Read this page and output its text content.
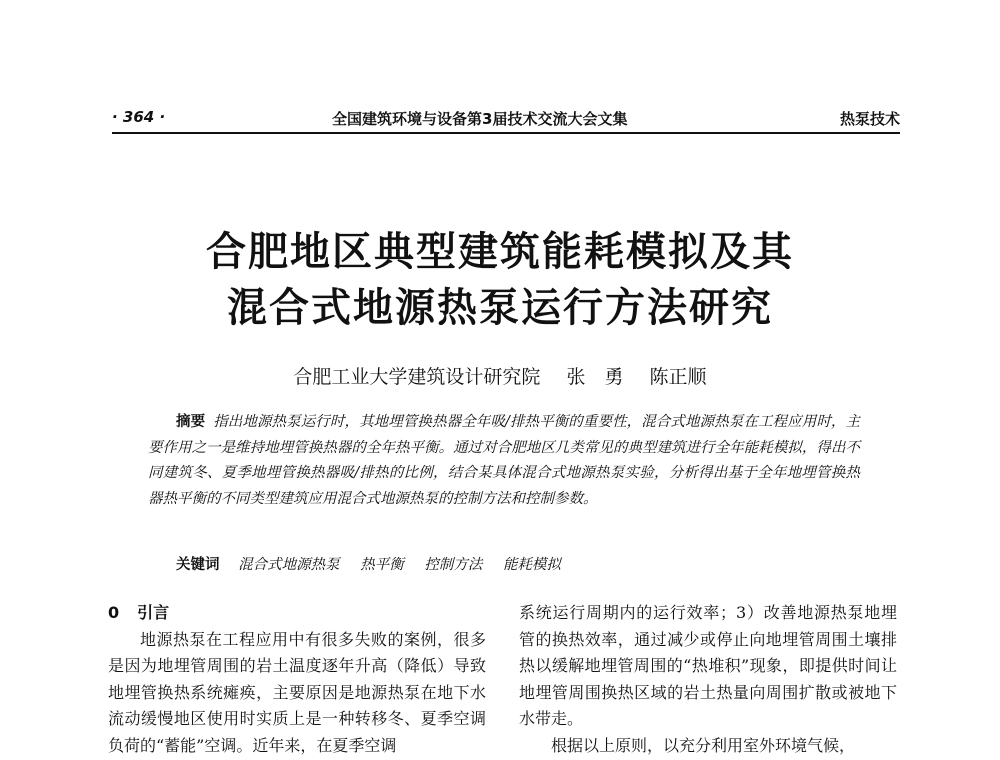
· 364 ·	全国建筑环境与设备第3届技术交流大会文集	热泵技术
合肥地区典型建筑能耗模拟及其
混合式地源热泵运行方法研究
合肥工业大学建筑设计研究院 张　勇 陈正顺
摘要 指出地源热泵运行时，其地埋管换热器全年吸/排热平衡的重要性，混合式地源热泵在工程应用时，主要作用之一是维持地埋管换热器的全年热平衡。通过对合肥地区几类常见的典型建筑进行全年能耗模拟，得出不同建筑冬、夏季地埋管换热器吸/排热的比例，结合某具体混合式地源热泵实验，分析得出基于全年地埋管换热器热平衡的不同类型建筑应用混合式地源热泵的控制方法和控制参数。
关键词 混合式地源热泵 热平衡 控制方法 能耗模拟
0 引言

地源热泵在工程应用中有很多失败的案例，很多是因为地埋管周围的岩土温度逐年升高（降低）导致地埋管换热系统瘫痪，主要原因是地源热泵在地下水流动缓慢地区使用时实质上是一种转移冬、夏季空调负荷的“蓄能”空调。近年来，在夏季空调

系统运行周期内的运行效率；3）改善地源热泵地埋管的换热效率，通过减少或停止向地埋管周围土壤排热以缓解地埋管周围的“热堆积”现象，即提供时间让地埋管周围换热区域的岩土热量向周围扩散或被地下水带走。

根据以上原则，以充分利用室外环境气候，
